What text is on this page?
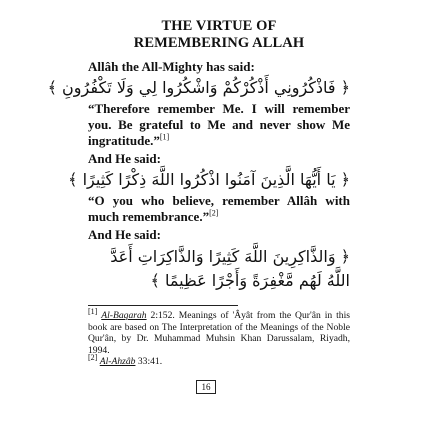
THE VIRTUE OF
REMEMBERING ALLAH
Allâh the All-Mighty has said:
﴿ فَاذْكُرُونِي أَذْكُرْكُمْ وَاشْكُرُوا لِي وَلَا تَكْفُرُونِ ﴾
“Therefore remember Me. I will remember you. Be grateful to Me and never show Me ingratitude.”[1]
And He said:
﴿ يَا أَيُّهَا الَّذِينَ آمَنُوا اذْكُرُوا اللَّهَ ذِكْرًا كَثِيرًا ﴾
“O you who believe, remember Allâh with much remembrance.”[2]
And He said:
﴿ وَالذَّاكِرِينَ اللَّهَ كَثِيرًا وَالذَّاكِرَاتِ أَعَدَّ اللَّهُ لَهُم مَّغْفِرَةً وَأَجْرًا عَظِيمًا ﴾
[1] Al-Baqarah 2:152. Meanings of 'Âyât from the Qur'ân in this book are based on The Interpretation of the Meanings of the Noble Qur'ân, by Dr. Muhammad Muhsin Khan Darussalam, Riyadh, 1994.
[2] Al-Ahzâb 33:41.
16
